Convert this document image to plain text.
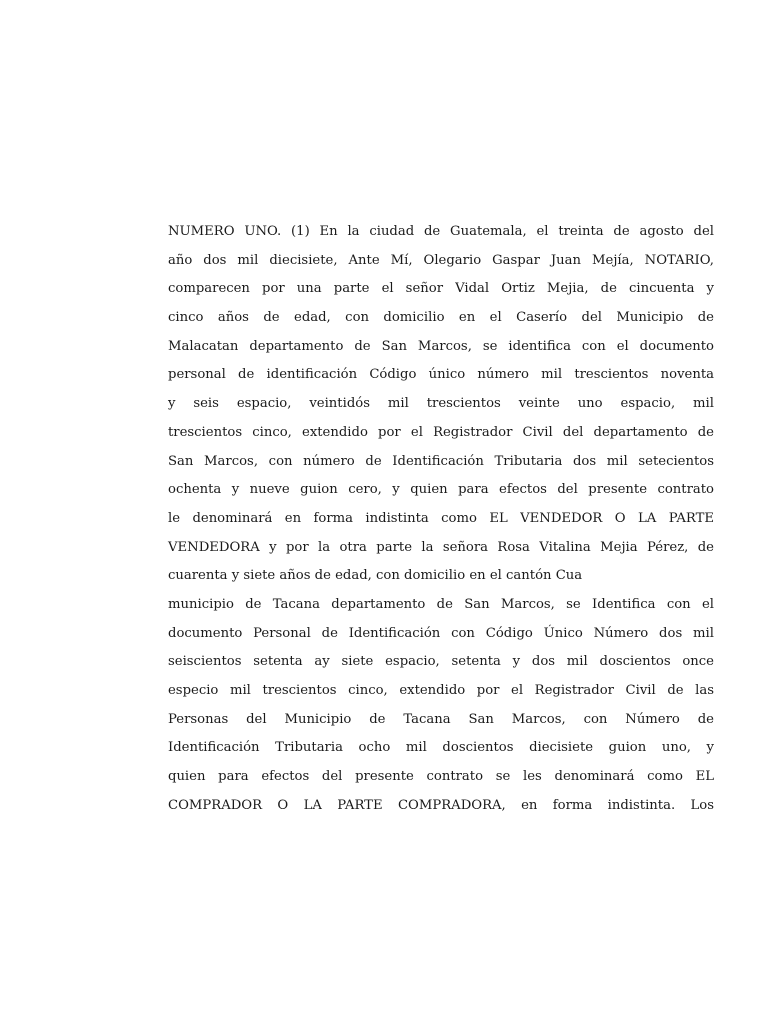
NUMERO UNO. (1) En la ciudad de Guatemala, el treinta de agosto del
año dos mil diecisiete, Ante Mí, Olegario Gaspar Juan Mejía, NOTARIO,
comparecen por una parte el señor Vidal Ortiz Mejia, de cincuenta y
cinco años de edad, con domicilio en el Caserío del Municipio de
Malacatan departamento de San Marcos, se identifica con el documento
personal de identificación Código único número mil trescientos noventa
y seis espacio, veintidós mil trescientos veinte uno espacio, mil
trescientos cinco, extendido por el Registrador Civil del departamento de
San Marcos, con número de Identificación Tributaria dos mil setecientos
ochenta y nueve guion cero, y quien para efectos del presente contrato
le denominará en forma indistinta como EL VENDEDOR O LA PARTE
VENDEDORA y por la otra parte la señora Rosa Vitalina Mejia Pérez, de
cuarenta y siete años de edad, con domicilio en el cantón Cua
municipio de Tacana departamento de San Marcos, se Identifica con el
documento Personal de Identificación con Código Único Número dos mil
seiscientos setenta ay siete espacio, setenta y dos mil doscientos once
especio mil trescientos cinco, extendido por el Registrador Civil de las
Personas del Municipio de Tacana San Marcos, con Número de
Identificación Tributaria ocho mil doscientos diecisiete guion uno, y
quien para efectos del presente contrato se les denominará como EL
COMPRADOR O LA PARTE COMPRADORA, en forma indistinta. Los
